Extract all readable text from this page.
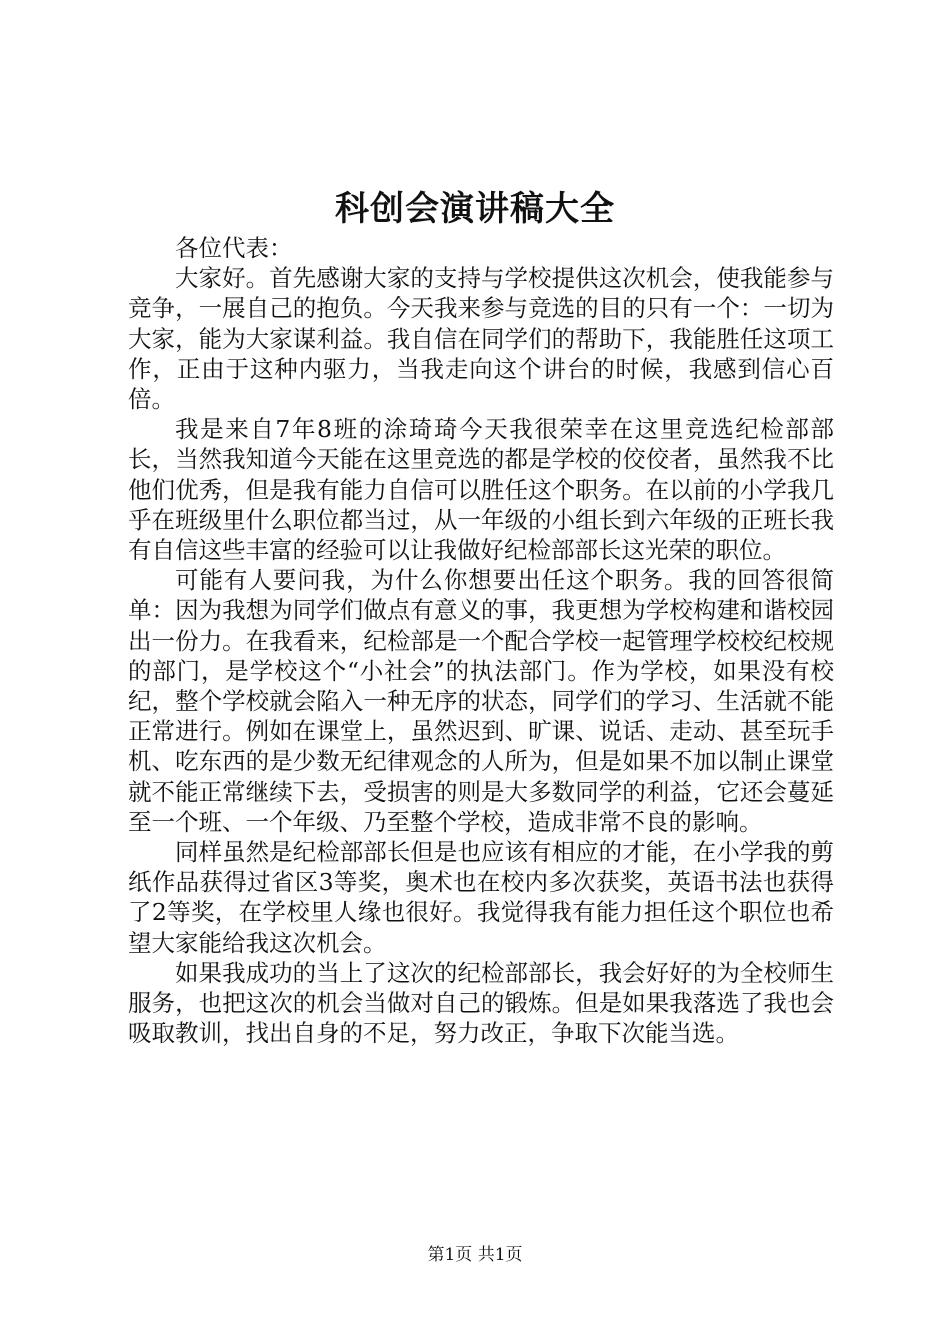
科创会演讲稿大全

各位代表：

大家好。首先感谢大家的支持与学校提供这次机会，使我能参与竞争，一展自己的抱负。今天我来参与竞选的目的只有一个：一切为大家，能为大家谋利益。我自信在同学们的帮助下，我能胜任这项工作，正由于这种内驱力，当我走向这个讲台的时候，我感到信心百倍。

我是来自7年8班的涂琦琦今天我很荣幸在这里竞选纪检部部长，当然我知道今天能在这里竞选的都是学校的佼佼者，虽然我不比他们优秀，但是我有能力自信可以胜任这个职务。在以前的小学我几乎在班级里什么职位都当过，从一年级的小组长到六年级的正班长我有自信这些丰富的经验可以让我做好纪检部部长这光荣的职位。

可能有人要问我，为什么你想要出任这个职务。我的回答很简单：因为我想为同学们做点有意义的事，我更想为学校构建和谐校园出一份力。在我看来，纪检部是一个配合学校一起管理学校校纪校规的部门，是学校这个“小社会”的执法部门。作为学校，如果没有校纪，整个学校就会陷入一种无序的状态，同学们的学习、生活就不能正常进行。例如在课堂上，虽然迟到、旷课、说话、走动、甚至玩手机、吃东西的是少数无纪律观念的人所为，但是如果不加以制止课堂就不能正常继续下去，受损害的则是大多数同学的利益，它还会蔓延至一个班、一个年级、乃至整个学校，造成非常不良的影响。

同样虽然是纪检部部长但是也应该有相应的才能，在小学我的剪纸作品获得过省区3等奖，奥术也在校内多次获奖，英语书法也获得了2等奖，在学校里人缘也很好。我觉得我有能力担任这个职位也希望大家能给我这次机会。

如果我成功的当上了这次的纪检部部长，我会好好的为全校师生服务，也把这次的机会当做对自己的锻炼。但是如果我落选了我也会吸取教训，找出自身的不足，努力改正，争取下次能当选。

第1页 共1页
